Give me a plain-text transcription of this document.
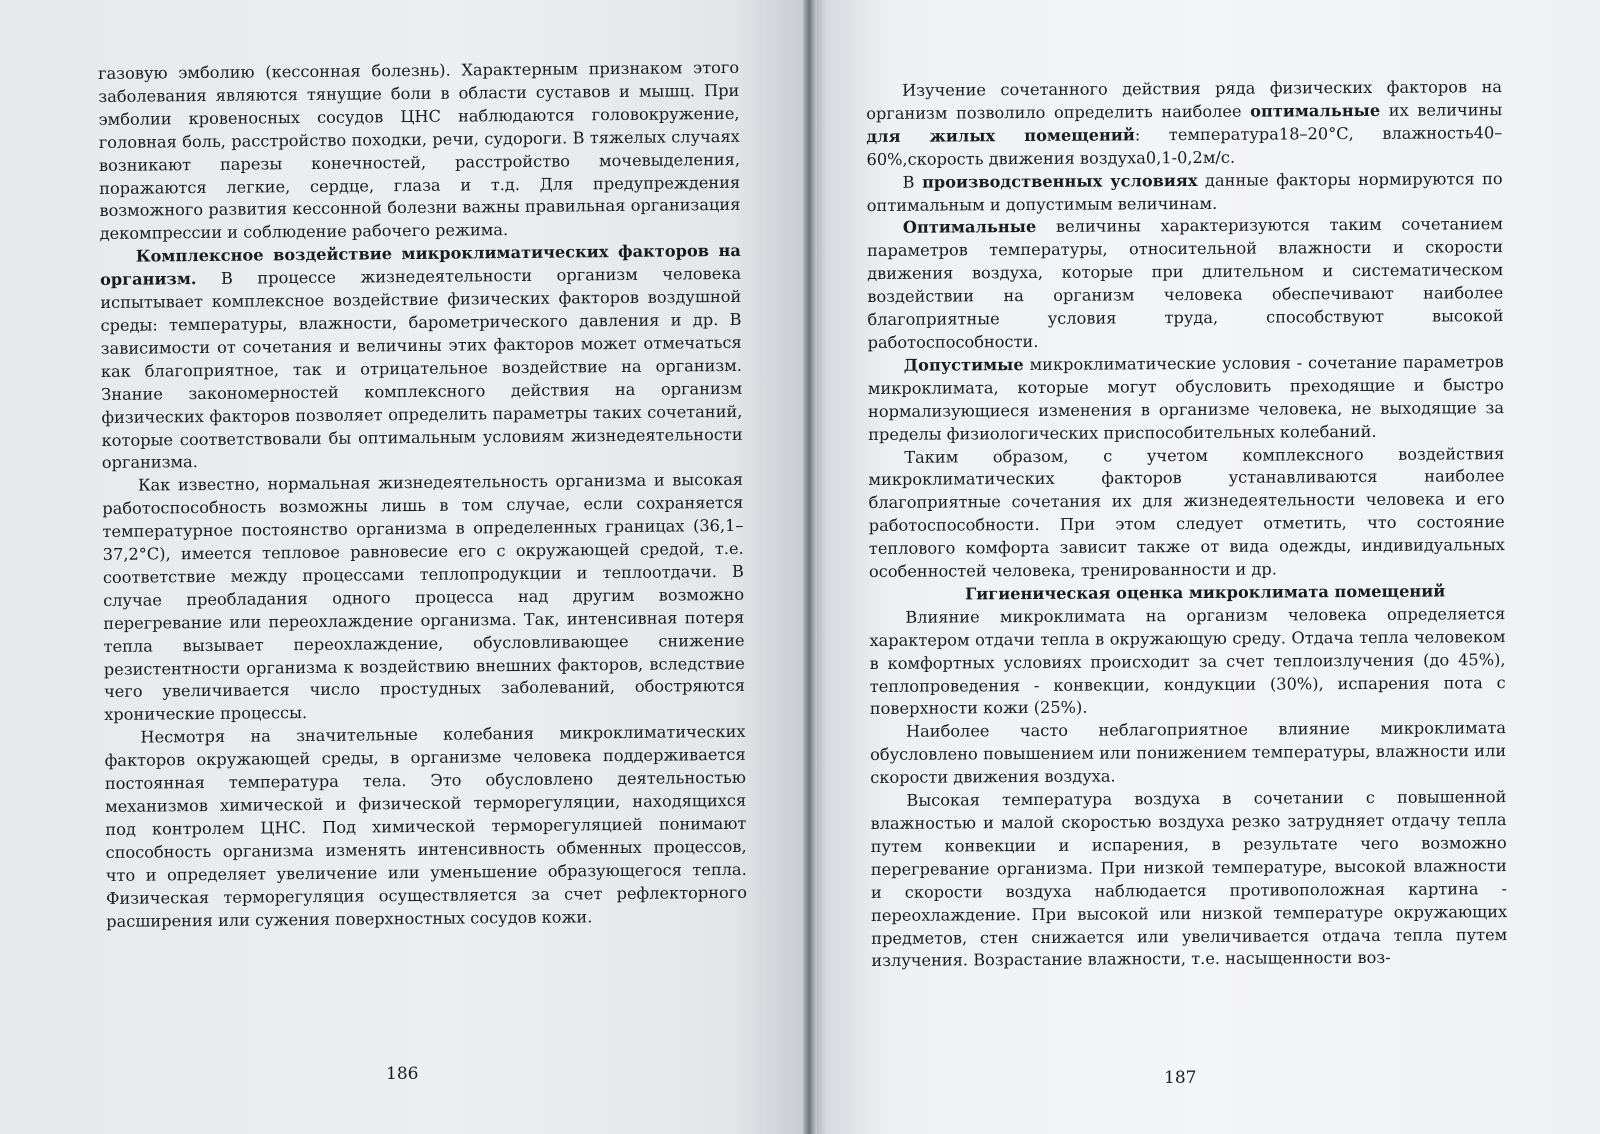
газовую эмболию (кессонная болезнь). Характерным признаком этого заболевания являются тянущие боли в области суставов и мышц. При эмболии кровеносных сосудов ЦНС наблюдаются головокружение, головная боль, расстройство походки, речи, судороги. В тяжелых случаях возникают парезы конечностей, расстройство мочевыделения, поражаются легкие, сердце, глаза и т.д. Для предупреждения возможного развития кессонной болезни важны правильная организация декомпрессии и соблюдение рабочего режима.

Комплексное воздействие микроклиматических факторов на организм. В процессе жизнедеятельности организм человека испытывает комплексное воздействие физических факторов воздушной среды: температуры, влажности, барометрического давления и др. В зависимости от сочетания и величины этих факторов может отмечаться как благоприятное, так и отрицательное воздействие на организм. Знание закономерностей комплексного действия на организм физических факторов позволяет определить параметры таких сочетаний, которые соответствовали бы оптимальным условиям жизнедеятельности организма.

Как известно, нормальная жизнедеятельность организма и высокая работоспособность возможны лишь в том случае, если сохраняется температурное постоянство организма в определенных границах (36,1– 37,2°С), имеется тепловое равновесие его с окружающей средой, т.е. соответствие между процессами теплопродукции и теплоотдачи. В случае преобладания одного процесса над другим возможно перегревание или переохлаждение организма. Так, интенсивная потеря тепла вызывает переохлаждение, обусловливающее снижение резистентности организма к воздействию внешних факторов, вследствие чего увеличивается число простудных заболеваний, обостряются хронические процессы.

Несмотря на значительные колебания микроклиматических факторов окружающей среды, в организме человека поддерживается постоянная температура тела. Это обусловлено деятельностью механизмов химической и физической терморегуляции, находящихся под контролем ЦНС. Под химической терморегуляцией понимают способность организма изменять интенсивность обменных процессов, что и определяет увеличение или уменьшение образующегося тепла. Физическая терморегуляция осуществляется за счет рефлекторного расширения или сужения поверхностных сосудов кожи.

186

Изучение сочетанного действия ряда физических факторов на организм позволило определить наиболее оптимальные их величины для жилых помещений: температура18–20°С, влажность40–60%,скорость движения воздуха0,1-0,2м/с.

В производственных условиях данные факторы нормируются по оптимальным и допустимым величинам.

Оптимальные величины характеризуются таким сочетанием параметров температуры, относительной влажности и скорости движения воздуха, которые при длительном и систематическом воздействии на организм человека обеспечивают наиболее благоприятные условия труда, способствуют высокой работоспособности.

Допустимые микроклиматические условия - сочетание параметров микроклимата, которые могут обусловить преходящие и быстро нормализующиеся изменения в организме человека, не выходящие за пределы физиологических приспособительных колебаний.

Таким образом, с учетом комплексного воздействия микроклиматических факторов устанавливаются наиболее благоприятные сочетания их для жизнедеятельности человека и его работоспособности. При этом следует отметить, что состояние теплового комфорта зависит также от вида одежды, индивидуальных особенностей человека, тренированности и др.

Гигиеническая оценка микроклимата помещений

Влияние микроклимата на организм человека определяется характером отдачи тепла в окружающую среду. Отдача тепла человеком в комфортных условиях происходит за счет теплоизлучения (до 45%), теплопроведения - конвекции, кондукции (30%), испарения пота с поверхности кожи (25%).

Наиболее часто неблагоприятное влияние микроклимата обусловлено повышением или понижением температуры, влажности или скорости движения воздуха.

Высокая температура воздуха в сочетании с повышенной влажностью и малой скоростью воздуха резко затрудняет отдачу тепла путем конвекции и испарения, в результате чего возможно перегревание организма. При низкой температуре, высокой влажности и скорости воздуха наблюдается противоположная картина - переохлаждение. При высокой или низкой температуре окружающих предметов, стен снижается или увеличивается отдача тепла путем излучения. Возрастание влажности, т.е. насыщенности воз-

187
